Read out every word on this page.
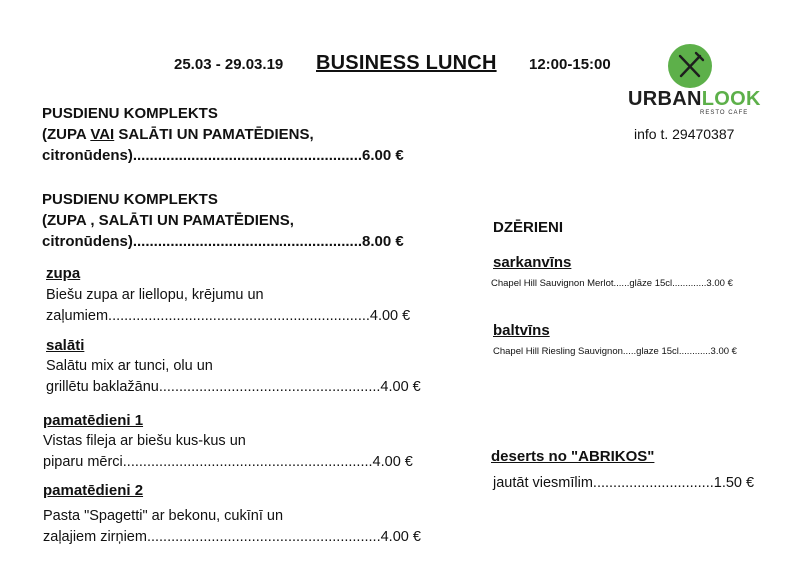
25.03 - 29.03.19 BUSINESS LUNCH 12:00-15:00
URBANLOOK
RESTO CAFE
info t. 29470387
PUSDIENU KOMPLEKTS
(ZUPA VAI SALĀTI UN PAMATĒDIENS,
citronūdens).......................................................6.00 €
PUSDIENU KOMPLEKTS
(ZUPA , SALĀTI UN PAMATĒDIENS,
citronūdens).......................................................8.00 €
zupa
Biešu zupa ar liellopu, krējumu un
zaļumiem.................................................................4.00 €
salāti
Salātu mix ar tunci, olu un
grillētu baklažānu.......................................................4.00 €
pamatēdieni 1
Vistas fileja ar biešu kus-kus un
piparu mērci..............................................................4.00 €
pamatēdieni 2
Pasta "Spagetti" ar bekonu, cukīnī un
zaļajiem zirņiem..........................................................4.00 €
DZĒRIENI
sarkanvīns
Chapel Hill Sauvignon Merlot......glāze 15cl.............3.00 €
baltvīns
Chapel Hill Riesling Sauvignon.....glaze 15cl............3.00 €
deserts no "ABRIKOS"
jautāt viesmīlim..............................1.50 €
